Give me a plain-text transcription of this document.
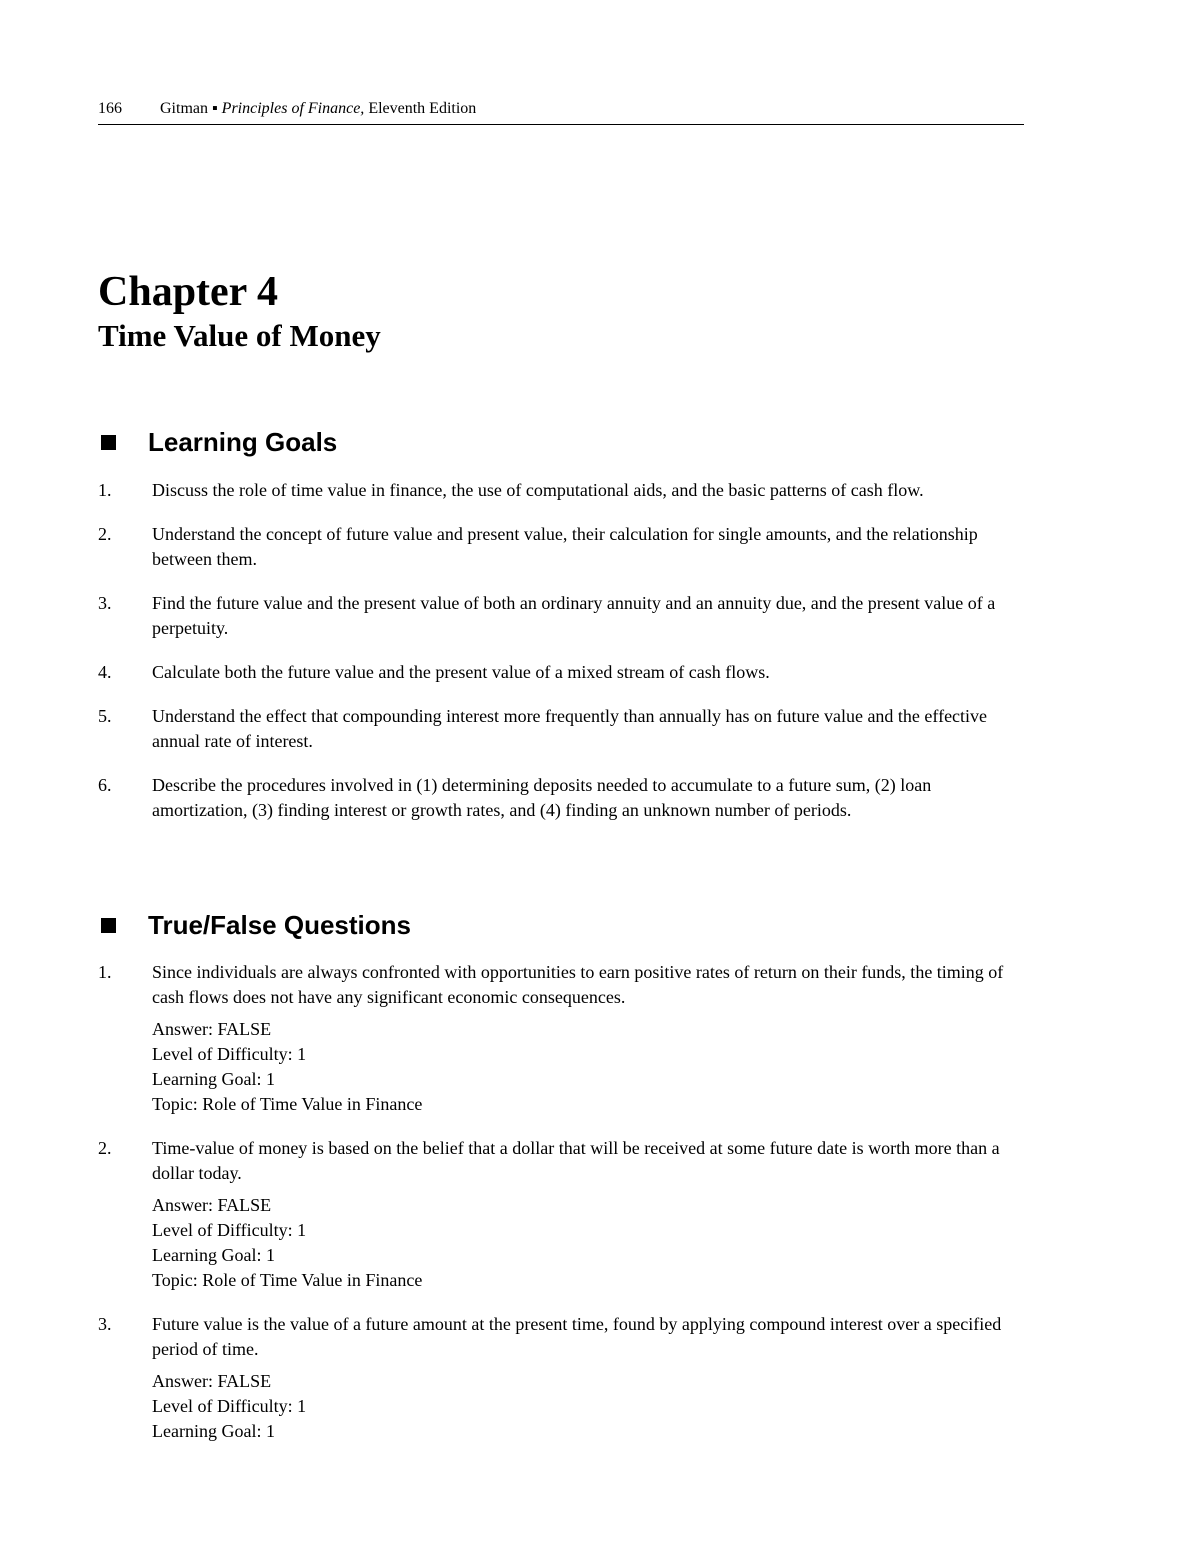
166 Gitman ▪ Principles of Finance, Eleventh Edition
Chapter 4
Time Value of Money
Learning Goals
1. Discuss the role of time value in finance, the use of computational aids, and the basic patterns of cash flow.
2. Understand the concept of future value and present value, their calculation for single amounts, and the relationship between them.
3. Find the future value and the present value of both an ordinary annuity and an annuity due, and the present value of a perpetuity.
4. Calculate both the future value and the present value of a mixed stream of cash flows.
5. Understand the effect that compounding interest more frequently than annually has on future value and the effective annual rate of interest.
6. Describe the procedures involved in (1) determining deposits needed to accumulate to a future sum, (2) loan amortization, (3) finding interest or growth rates, and (4) finding an unknown number of periods.
True/False Questions
1. Since individuals are always confronted with opportunities to earn positive rates of return on their funds, the timing of cash flows does not have any significant economic consequences.
Answer: FALSE
Level of Difficulty: 1
Learning Goal: 1
Topic: Role of Time Value in Finance
2. Time-value of money is based on the belief that a dollar that will be received at some future date is worth more than a dollar today.
Answer: FALSE
Level of Difficulty: 1
Learning Goal: 1
Topic: Role of Time Value in Finance
3. Future value is the value of a future amount at the present time, found by applying compound interest over a specified period of time.
Answer: FALSE
Level of Difficulty: 1
Learning Goal: 1
